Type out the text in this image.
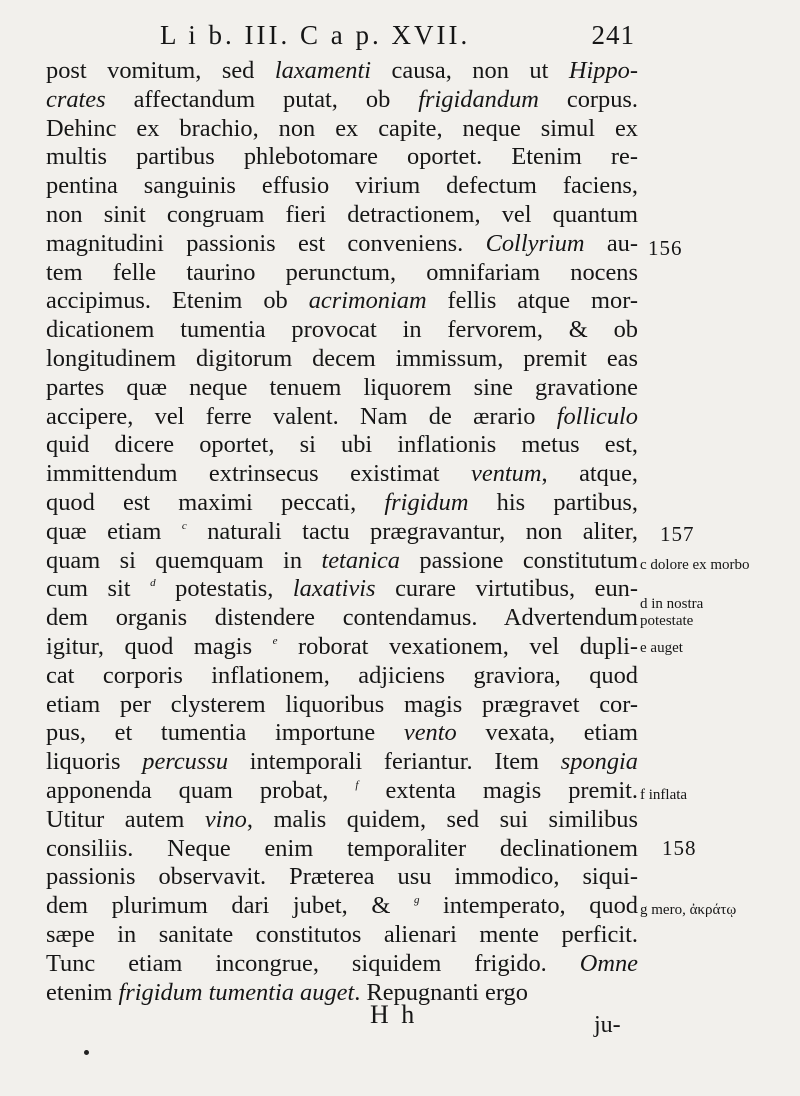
L i b. III. C a p. XVII.	241
post vomitum, sed laxamenti causa, non ut Hippo-
crates affectandum putat, ob frigidandum corpus.
Dehinc ex brachio, non ex capite, neque simul ex
multis partibus phlebotomare oportet. Etenim re-
pentina sanguinis effusio virium defectum faciens,
non sinit congruam fieri detractionem, vel quantum
magnitudini passionis est conveniens. Collyrium au-
tem felle taurino perunctum, omnifariam nocens
accipimus. Etenim ob acrimoniam fellis atque mor-
dicationem tumentia provocat in fervorem, & ob
longitudinem digitorum decem immissum, premit eas
partes quæ neque tenuem liquorem sine gravatione
accipere, vel ferre valent. Nam de ærario folliculo
quid dicere oportet, si ubi inflationis metus est,
immittendum extrinsecus existimat ventum, atque,
quod est maximi peccati, frigidum his partibus,
quæ etiam $^c$ naturali tactu prægravantur, non aliter,
quam si quemquam in tetanica passione constitutum
cum sit $^d$ potestatis, laxativis curare virtutibus, eun-
dem organis distendere contendamus. Advertendum
igitur, quod magis $^e$ roborat vexationem, vel dupli-
cat corporis inflationem, adjiciens graviora, quod
etiam per clysterem liquoribus magis prægravet cor-
pus, et tumentia importune vento vexata, etiam
liquoris percussu intemporali feriantur. Item spongia
apponenda quam probat, $^f$ extenta magis premit.
Utitur autem vino, malis quidem, sed sui similibus
consiliis. Neque enim temporaliter declinationem
passionis observavit. Præterea usu immodico, siqui-
dem plurimum dari jubet, & $^g$ intemperato, quod
sæpe in sanitate constitutos alienari mente perficit.
Tunc etiam incongrue, siquidem frigido. Omne
etenim frigidum tumentia auget. Repugnanti ergo
156
157
158
c dolore ex morbo
d in nostra potestate
e auget
f inflata
g mero, ἀκράτῳ
H h	ju-
